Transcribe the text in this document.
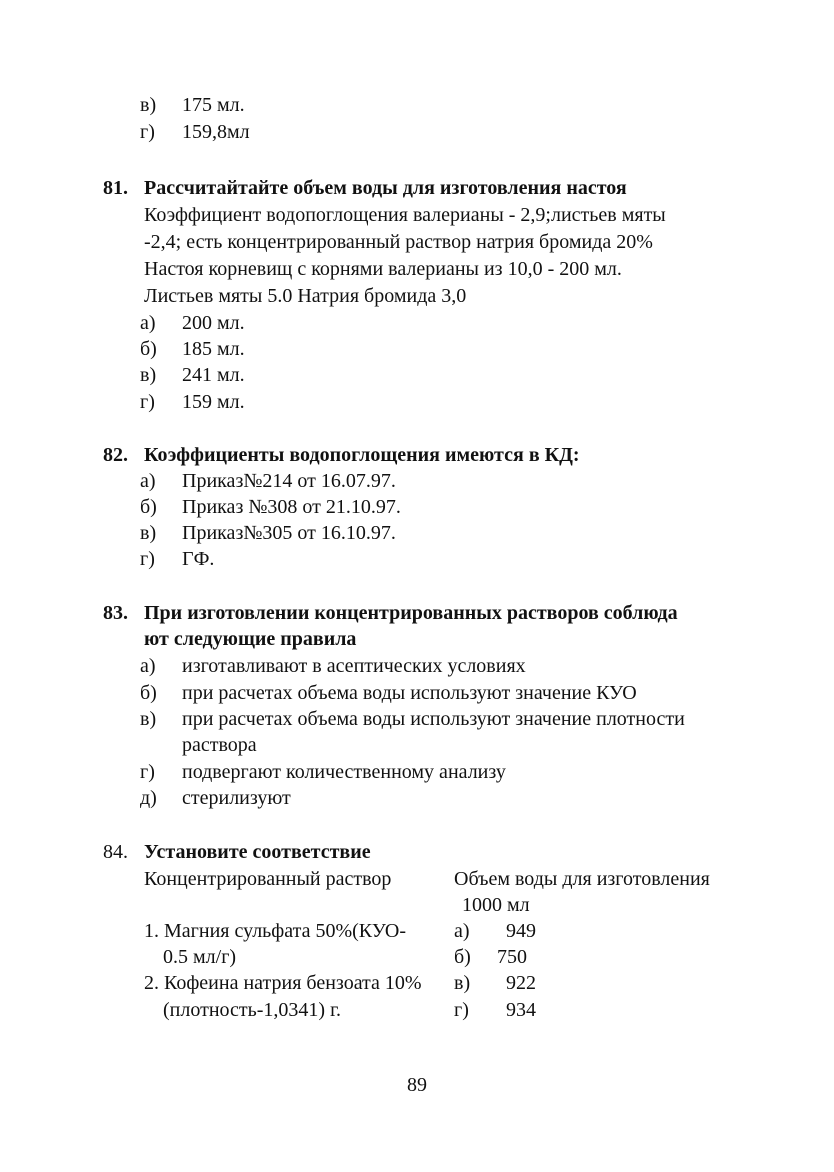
в) 175 мл.
г) 159,8мл
81. Рассчитайтайте объем воды для изготовления настоя
Коэффициент водопоглощения валерианы - 2,9;листьев мяты
-2,4; есть концентрированный раствор натрия бромида 20%
Настоя корневищ с корнями валерианы из 10,0 - 200 мл.
Листьев мяты 5.0 Натрия бромида 3,0
а) 200 мл.
б) 185 мл.
в) 241 мл.
г) 159 мл.
82. Коэффициенты водопоглощения имеются в КД:
а) Приказ№214 от 16.07.97.
б) Приказ №308 от 21.10.97.
в) Приказ№305 от 16.10.97.
г) ГФ.
83. При изготовлении концентрированных растворов соблюда
ют следующие правила
а) изготавливают в асептических условиях
б) при расчетах объема воды используют значение КУО
в) при расчетах объема воды используют значение плотности
раствора
г) подвергают количественному анализу
д) стерилизуют
84. Установите соответствие
Концентрированный раствор	Объем воды для изготовления
1000 мл
1. Магния сульфата 50%(КУО-
0.5 мл/г)
2. Кофеина натрия бензоата 10%
(плотность-1,0341) г.
а) 949
б) 750
в) 922
г) 934
89
